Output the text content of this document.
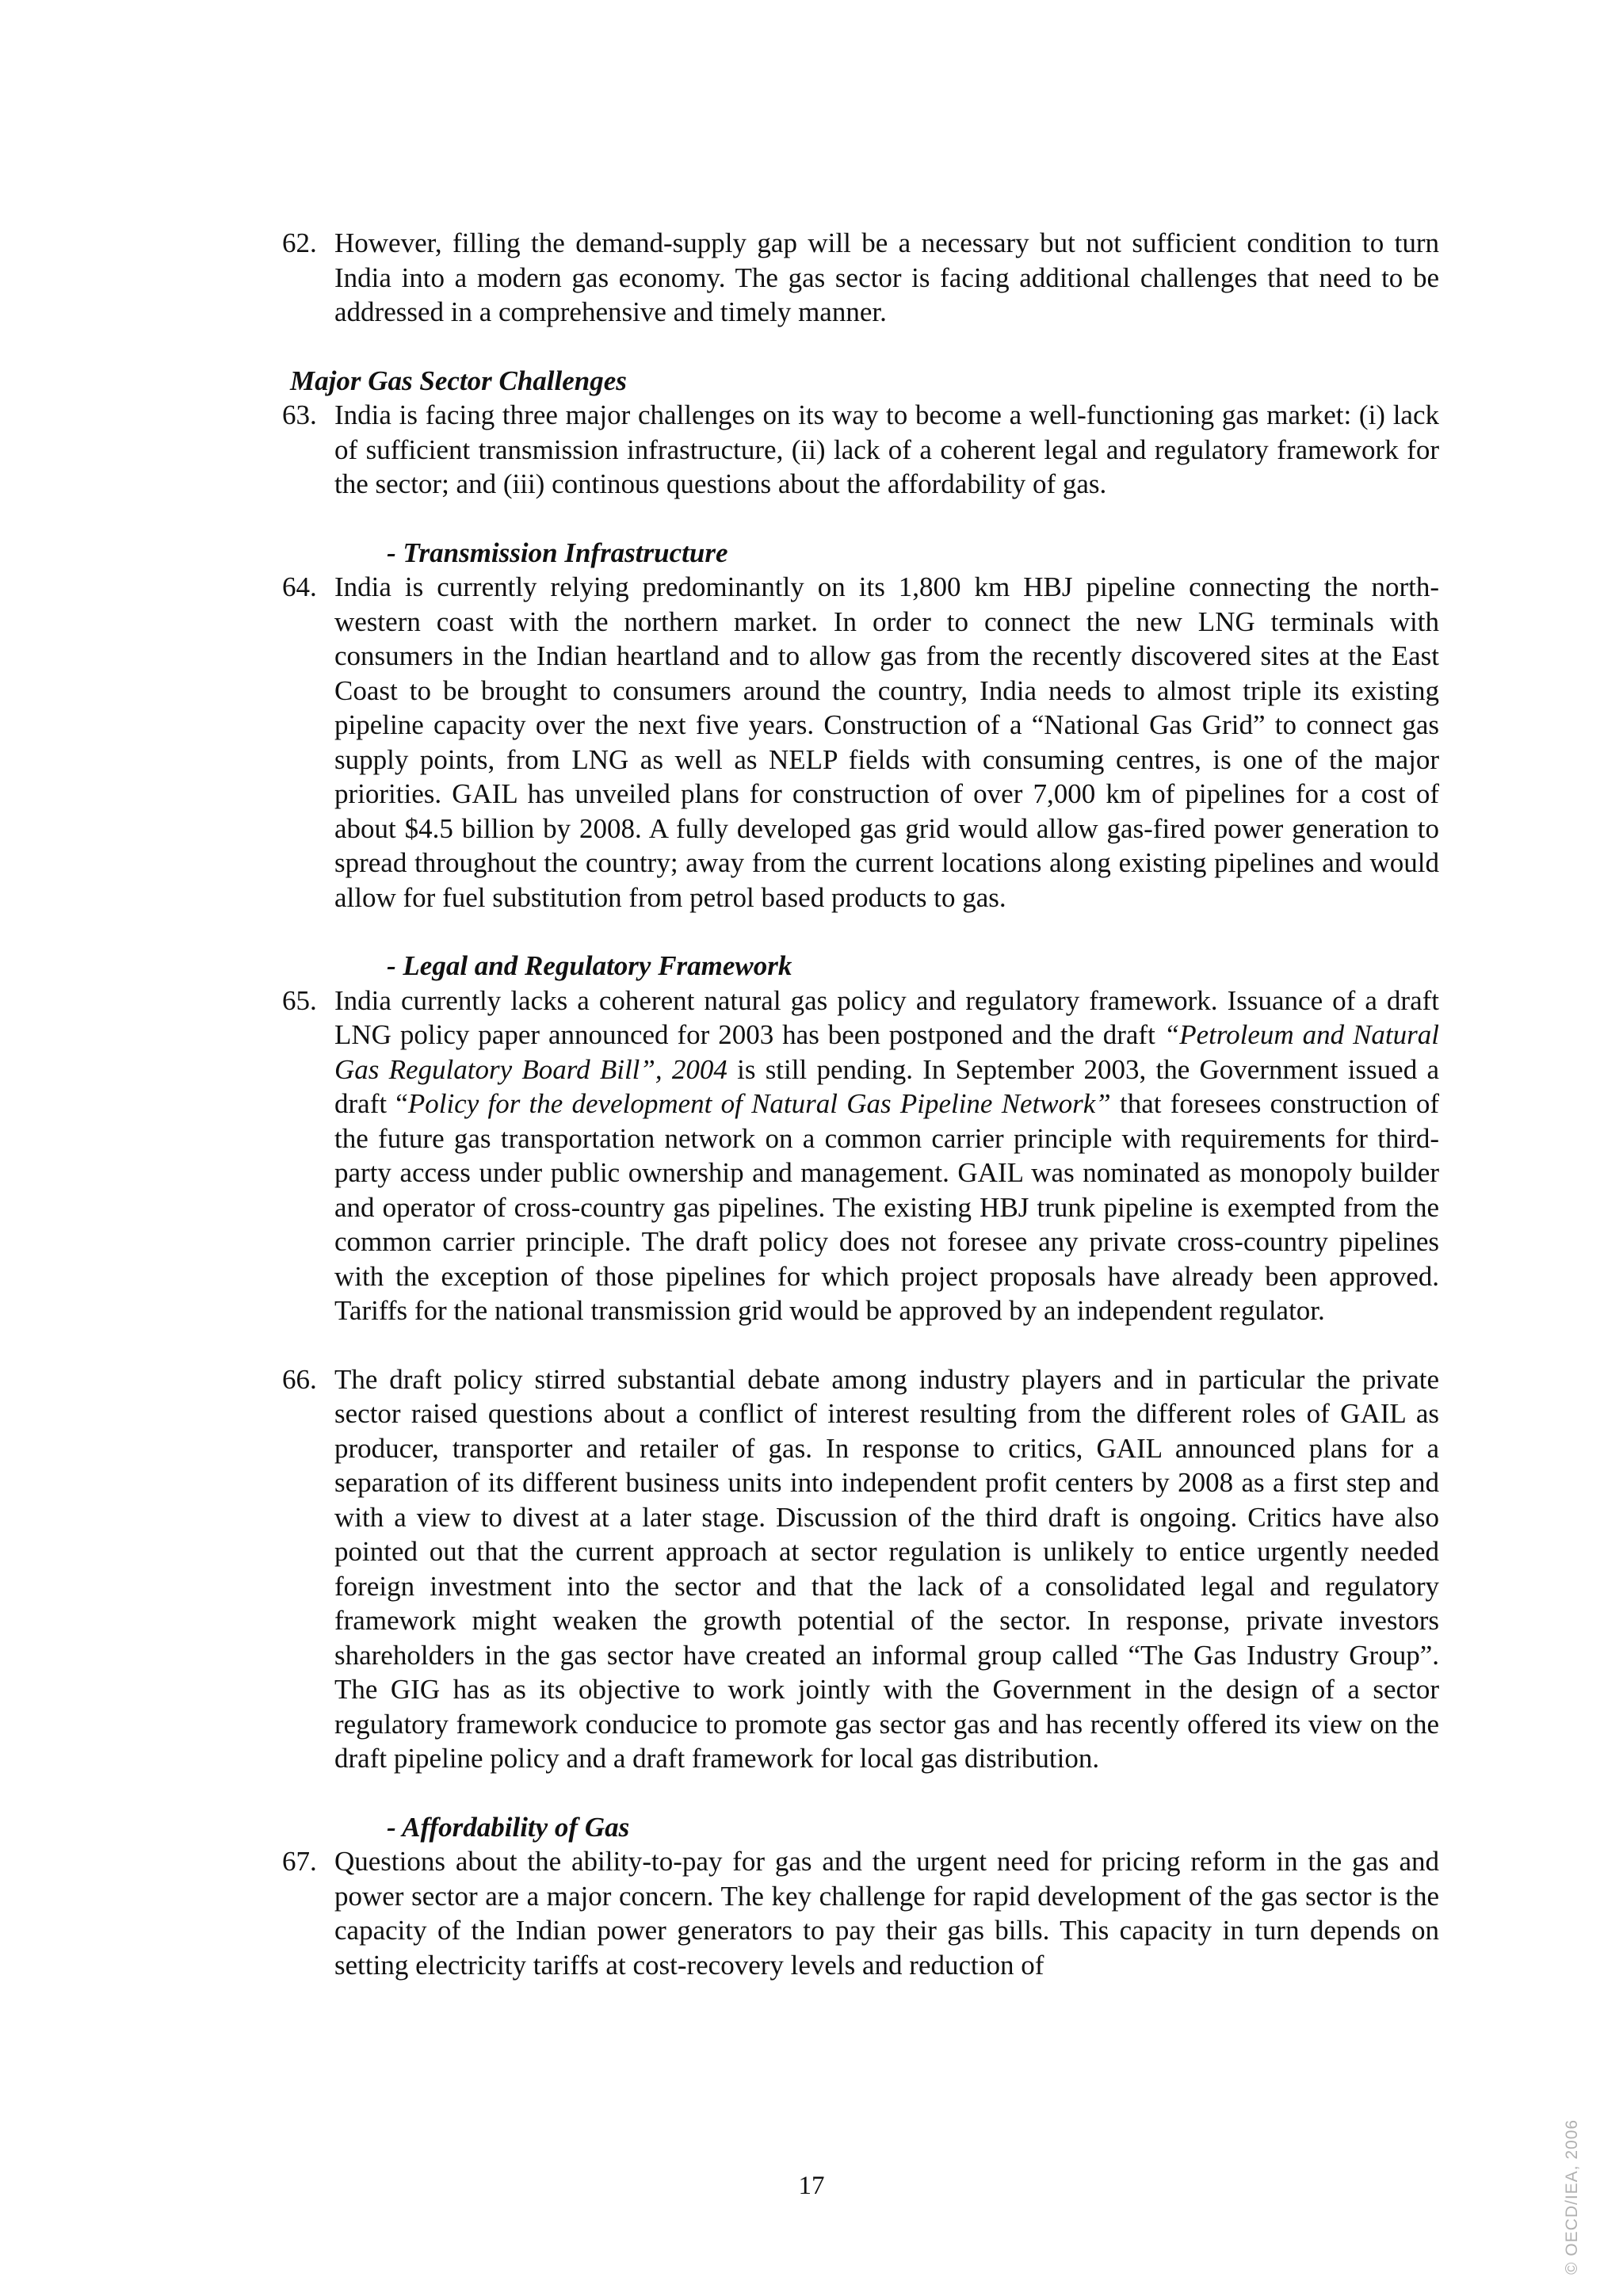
62. However, filling the demand-supply gap will be a necessary but not sufficient condition to turn India into a modern gas economy. The gas sector is facing additional challenges that need to be addressed in a comprehensive and timely manner.
Major Gas Sector Challenges
63. India is facing three major challenges on its way to become a well-functioning gas market: (i) lack of sufficient transmission infrastructure, (ii) lack of a coherent legal and regulatory framework for the sector; and (iii) continous questions about the affordability of gas.
- Transmission Infrastructure
64. India is currently relying predominantly on its 1,800 km HBJ pipeline connecting the north-western coast with the northern market. In order to connect the new LNG terminals with consumers in the Indian heartland and to allow gas from the recently discovered sites at the East Coast to be brought to consumers around the country, India needs to almost triple its existing pipeline capacity over the next five years. Construction of a “National Gas Grid” to connect gas supply points, from LNG as well as NELP fields with consuming centres, is one of the major priorities. GAIL has unveiled plans for construction of over 7,000 km of pipelines for a cost of about $4.5 billion by 2008. A fully developed gas grid would allow gas-fired power generation to spread throughout the country; away from the current locations along existing pipelines and would allow for fuel substitution from petrol based products to gas.
- Legal and Regulatory Framework
65. India currently lacks a coherent natural gas policy and regulatory framework. Issuance of a draft LNG policy paper announced for 2003 has been postponed and the draft “Petroleum and Natural Gas Regulatory Board Bill”, 2004 is still pending. In September 2003, the Government issued a draft “Policy for the development of Natural Gas Pipeline Network” that foresees construction of the future gas transportation network on a common carrier principle with requirements for third-party access under public ownership and management. GAIL was nominated as monopoly builder and operator of cross-country gas pipelines. The existing HBJ trunk pipeline is exempted from the common carrier principle. The draft policy does not foresee any private cross-country pipelines with the exception of those pipelines for which project proposals have already been approved. Tariffs for the national transmission grid would be approved by an independent regulator.
66. The draft policy stirred substantial debate among industry players and in particular the private sector raised questions about a conflict of interest resulting from the different roles of GAIL as producer, transporter and retailer of gas. In response to critics, GAIL announced plans for a separation of its different business units into independent profit centers by 2008 as a first step and with a view to divest at a later stage. Discussion of the third draft is ongoing. Critics have also pointed out that the current approach at sector regulation is unlikely to entice urgently needed foreign investment into the sector and that the lack of a consolidated legal and regulatory framework might weaken the growth potential of the sector. In response, private investors shareholders in the gas sector have created an informal group called “The Gas Industry Group”. The GIG has as its objective to work jointly with the Government in the design of a sector regulatory framework conducice to promote gas sector gas and has recently offered its view on the draft pipeline policy and a draft framework for local gas distribution.
- Affordability of Gas
67. Questions about the ability-to-pay for gas and the urgent need for pricing reform in the gas and power sector are a major concern. The key challenge for rapid development of the gas sector is the capacity of the Indian power generators to pay their gas bills. This capacity in turn depends on setting electricity tariffs at cost-recovery levels and reduction of
17	© OECD/IEA, 2006
